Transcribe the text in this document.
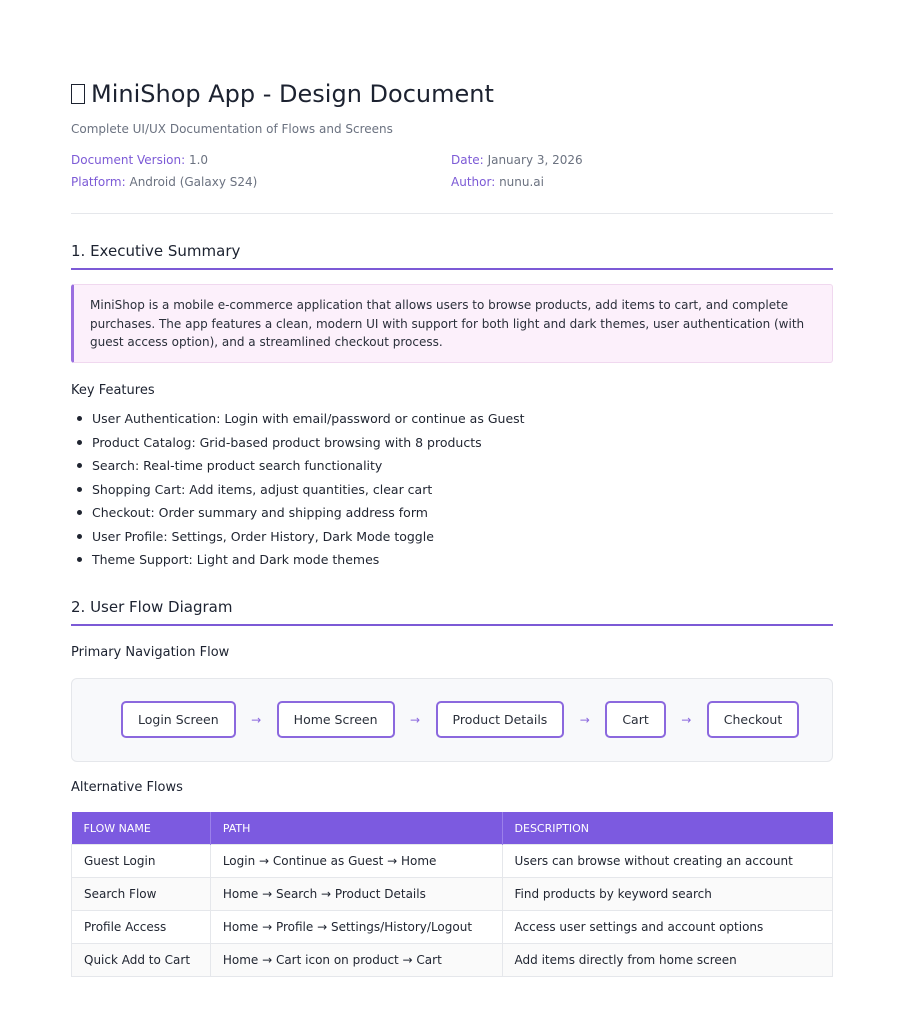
MiniShop App - Design Document
Complete UI/UX Documentation of Flows and Screens
Document Version: 1.0	Date: January 3, 2026
Platform: Android (Galaxy S24)	Author: nunu.ai
1. Executive Summary
MiniShop is a mobile e-commerce application that allows users to browse products, add items to cart, and complete purchases. The app features a clean, modern UI with support for both light and dark themes, user authentication (with guest access option), and a streamlined checkout process.
Key Features
User Authentication: Login with email/password or continue as Guest
Product Catalog: Grid-based product browsing with 8 products
Search: Real-time product search functionality
Shopping Cart: Add items, adjust quantities, clear cart
Checkout: Order summary and shipping address form
User Profile: Settings, Order History, Dark Mode toggle
Theme Support: Light and Dark mode themes
2. User Flow Diagram
Primary Navigation Flow
Login Screen	→	Home Screen	→	Product Details	→	Cart	→	Checkout
Alternative Flows
FLOW NAME	PATH	DESCRIPTION
Guest Login	Login → Continue as Guest → Home	Users can browse without creating an account
Search Flow	Home → Search → Product Details	Find products by keyword search
Profile Access	Home → Profile → Settings/History/Logout	Access user settings and account options
Quick Add to Cart	Home → Cart icon on product → Cart	Add items directly from home screen
